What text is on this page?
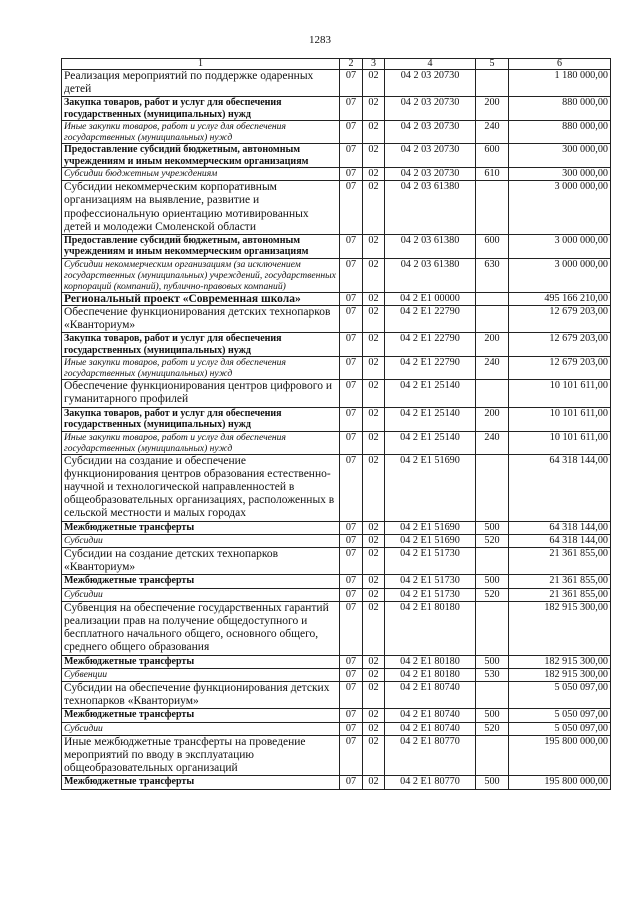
1283
1	2	3	4	5	6
Реализация мероприятий по поддержке одаренных детей	07	02	04 2 03 20730		1 180 000,00
Закупка товаров, работ и услуг для обеспечения государственных (муниципальных) нужд	07	02	04 2 03 20730	200	880 000,00
Иные закупки товаров, работ и услуг для обеспечения государственных (муниципальных) нужд	07	02	04 2 03 20730	240	880 000,00
Предоставление субсидий бюджетным, автономным учреждениям и иным некоммерческим организациям	07	02	04 2 03 20730	600	300 000,00
Субсидии бюджетным учреждениям	07	02	04 2 03 20730	610	300 000,00
Субсидии некоммерческим корпоративным организациям на выявление, развитие и профессиональную ориентацию мотивированных детей и молодежи Смоленской области	07	02	04 2 03 61380		3 000 000,00
Предоставление субсидий бюджетным, автономным учреждениям и иным некоммерческим организациям	07	02	04 2 03 61380	600	3 000 000,00
Субсидии некоммерческим организациям (за исключением государственных (муниципальных) учреждений, государственных корпораций (компаний), публично-правовых компаний)	07	02	04 2 03 61380	630	3 000 000,00
Региональный проект «Современная школа»	07	02	04 2 E1 00000		495 166 210,00
Обеспечение функционирования детских технопарков «Кванториум»	07	02	04 2 E1 22790		12 679 203,00
Закупка товаров, работ и услуг для обеспечения государственных (муниципальных) нужд	07	02	04 2 E1 22790	200	12 679 203,00
Иные закупки товаров, работ и услуг для обеспечения государственных (муниципальных) нужд	07	02	04 2 E1 22790	240	12 679 203,00
Обеспечение функционирования центров цифрового и гуманитарного профилей	07	02	04 2 E1 25140		10 101 611,00
Закупка товаров, работ и услуг для обеспечения государственных (муниципальных) нужд	07	02	04 2 E1 25140	200	10 101 611,00
Иные закупки товаров, работ и услуг для обеспечения государственных (муниципальных) нужд	07	02	04 2 E1 25140	240	10 101 611,00
Субсидии на создание и обеспечение функционирования центров образования естественно-научной и технологической направленностей в общеобразовательных организациях, расположенных в сельской местности и малых городах	07	02	04 2 E1 51690		64 318 144,00
Межбюджетные трансферты	07	02	04 2 E1 51690	500	64 318 144,00
Субсидии	07	02	04 2 E1 51690	520	64 318 144,00
Субсидии на создание детских технопарков «Кванториум»	07	02	04 2 E1 51730		21 361 855,00
Межбюджетные трансферты	07	02	04 2 E1 51730	500	21 361 855,00
Субсидии	07	02	04 2 E1 51730	520	21 361 855,00
Субвенция на обеспечение государственных гарантий реализации прав на получение общедоступного и бесплатного начального общего, основного общего, среднего общего образования	07	02	04 2 E1 80180		182 915 300,00
Межбюджетные трансферты	07	02	04 2 E1 80180	500	182 915 300,00
Субвенции	07	02	04 2 E1 80180	530	182 915 300,00
Субсидии на обеспечение функционирования детских технопарков «Кванториум»	07	02	04 2 E1 80740		5 050 097,00
Межбюджетные трансферты	07	02	04 2 E1 80740	500	5 050 097,00
Субсидии	07	02	04 2 E1 80740	520	5 050 097,00
Иные межбюджетные трансферты на проведение мероприятий по вводу в эксплуатацию общеобразовательных организаций	07	02	04 2 E1 80770		195 800 000,00
Межбюджетные трансферты	07	02	04 2 E1 80770	500	195 800 000,00
